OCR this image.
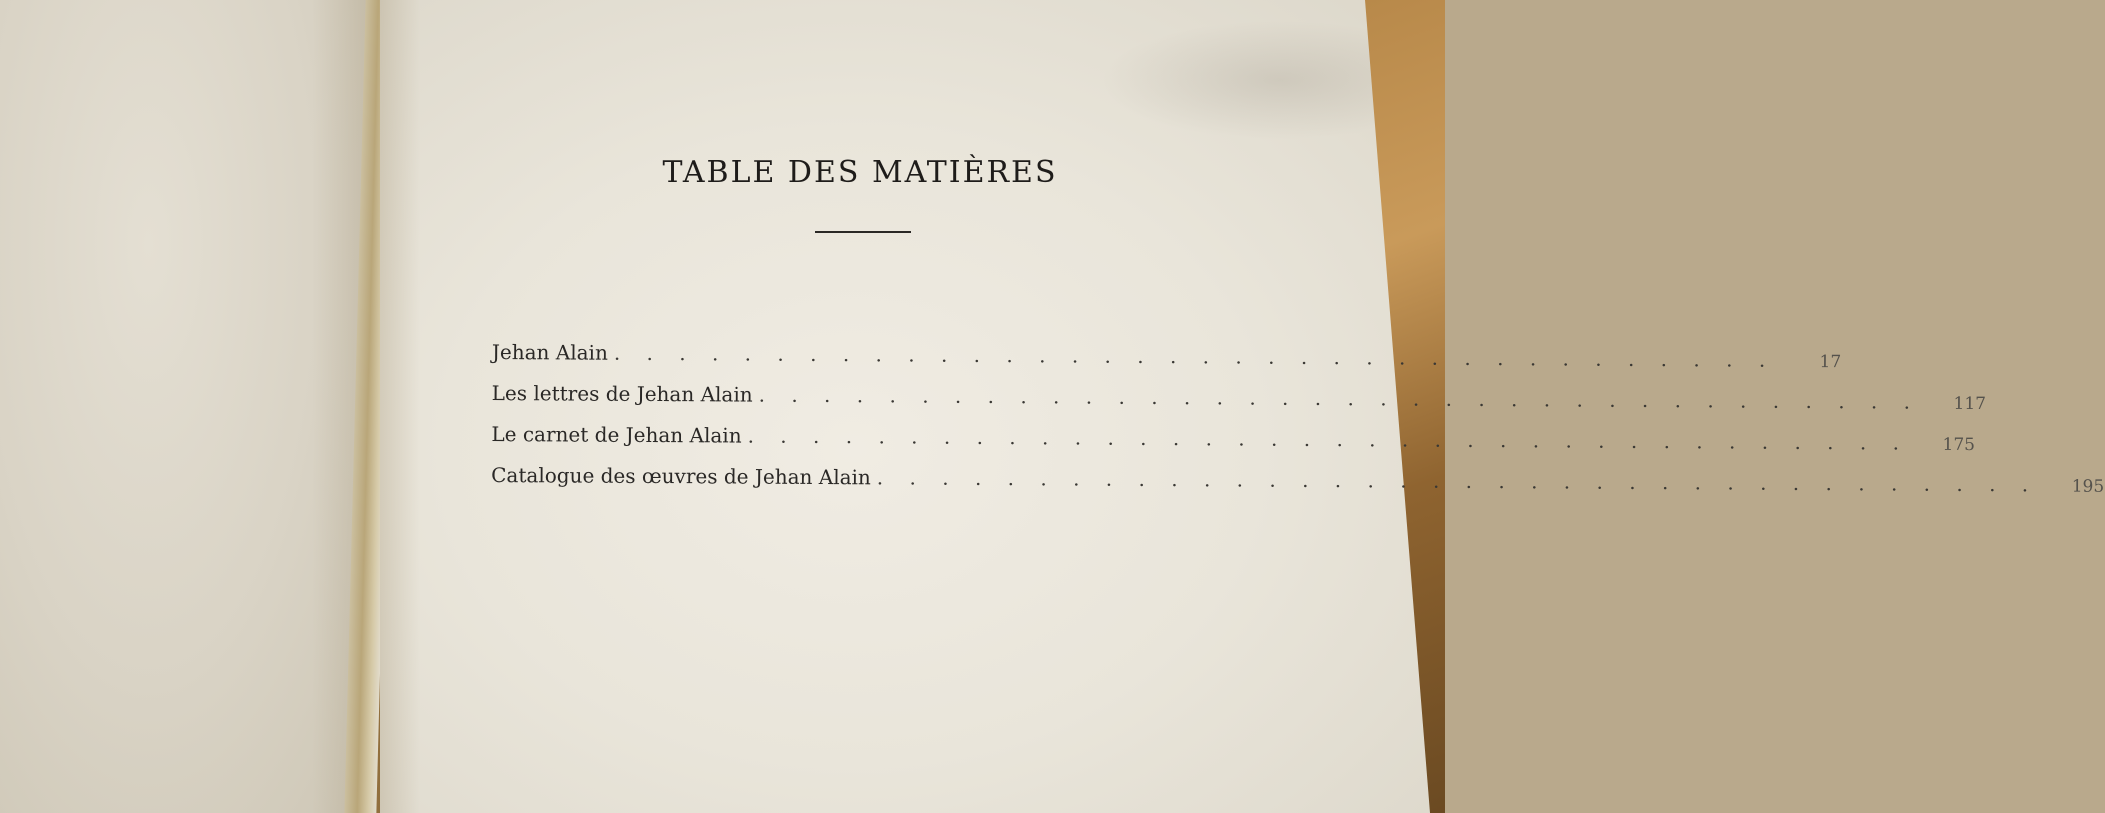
TABLE DES MATIÈRES
Jehan Alain . . . . . . . . . . . . . . . . . . . . . . . . . . . . . . . . . . . .	17
Les lettres de Jehan Alain . . . . . . . . . . . . . . . . . . . . . . . . . . . . . . . . . . . .	117
Le carnet de Jehan Alain . . . . . . . . . . . . . . . . . . . . . . . . . . . . . . . . . . . .	175
Catalogue des œuvres de Jehan Alain . . . . . . . . . . . . . . . . . . . . . . . . . . . . . . . . . . . .	195
